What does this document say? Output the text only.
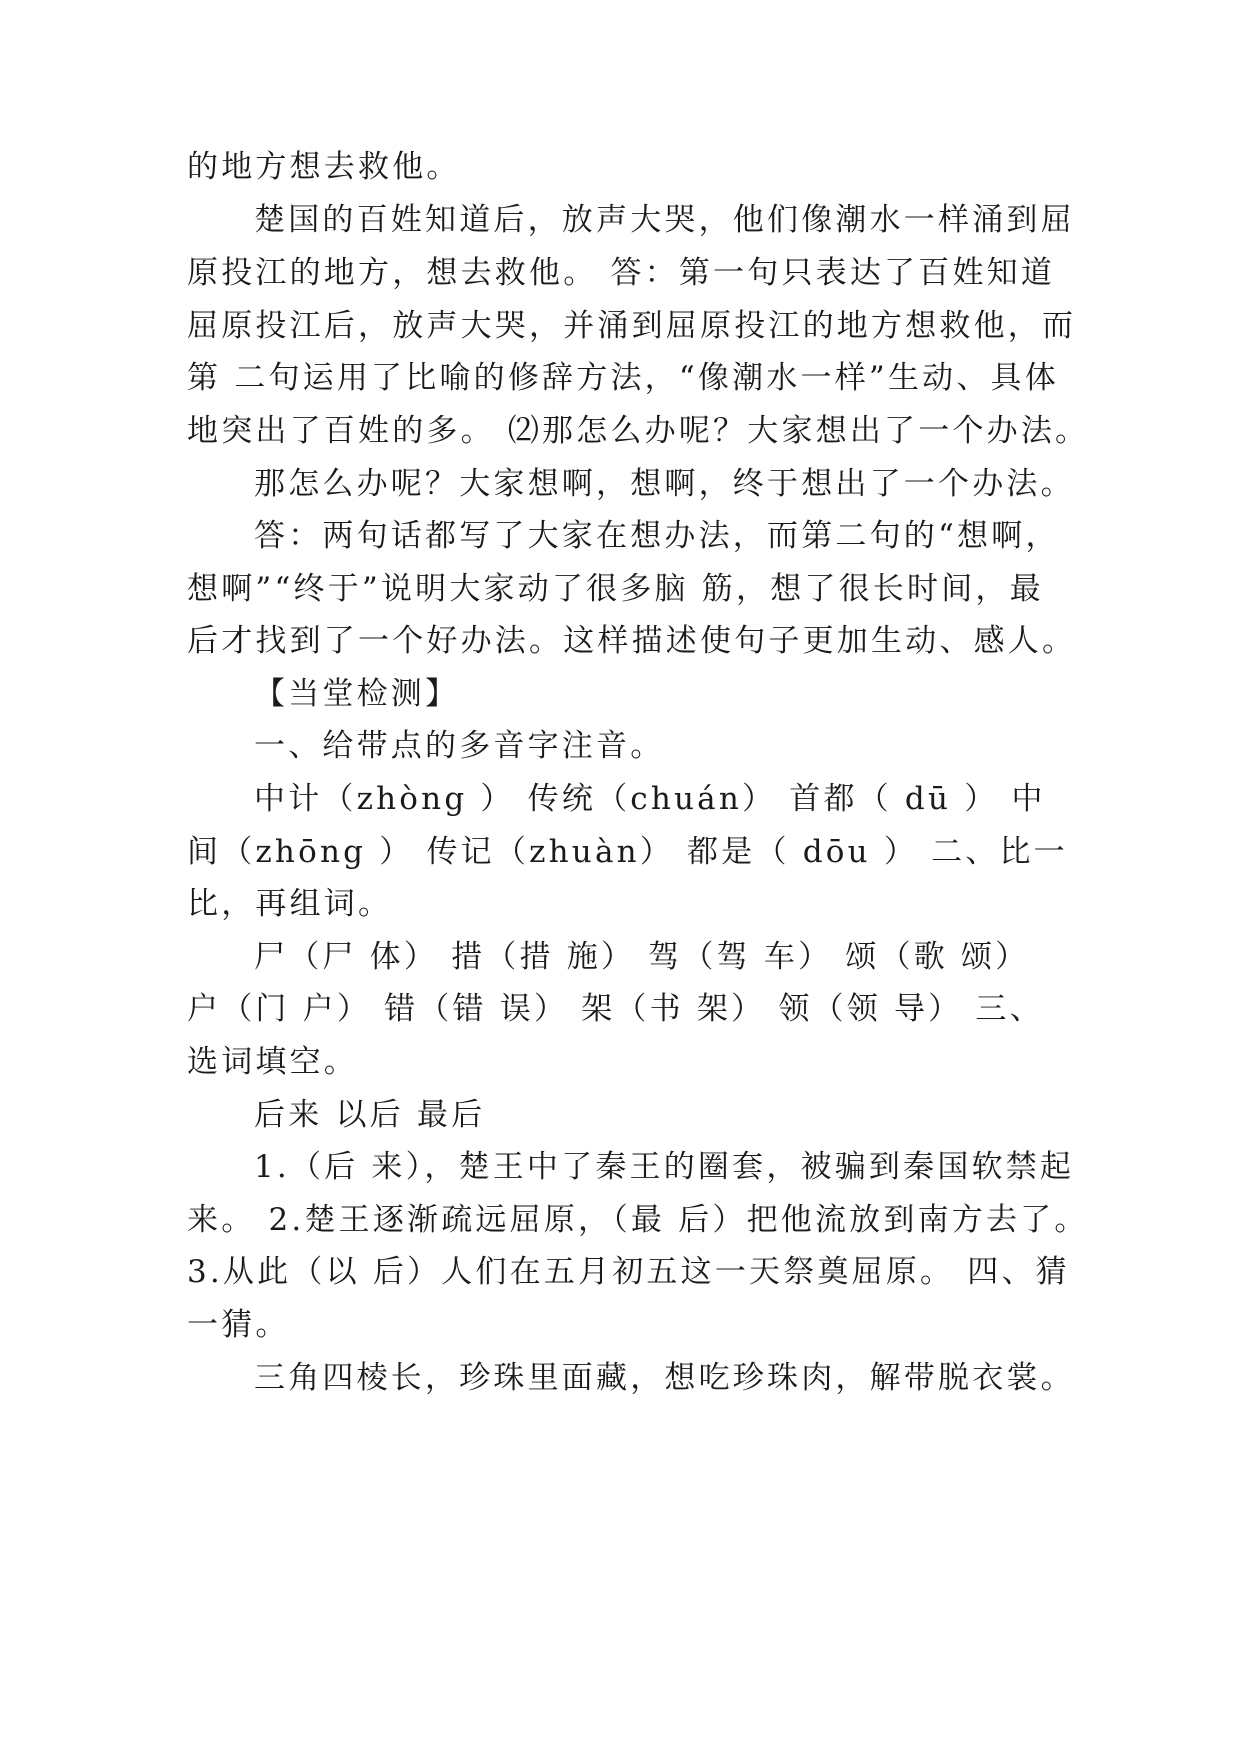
的地方想去救他。
楚国的百姓知道后，放声大哭，他们像潮水一样涌到屈
原投江的地方，想去救他。 答：第一句只表达了百姓知道
屈原投江后，放声大哭，并涌到屈原投江的地方想救他，而
第 二句运用了比喻的修辞方法，“像潮水一样”生动、具体
地突出了百姓的多。 ⑵那怎么办呢？大家想出了一个办法。
那怎么办呢？大家想啊，想啊，终于想出了一个办法。
答：两句话都写了大家在想办法，而第二句的“想啊，
想啊”“终于”说明大家动了很多脑 筋，想了很长时间，最
后才找到了一个好办法。这样描述使句子更加生动、感人。
【当堂检测】
一、给带点的多音字注音。
中计（zhòng ） 传统（chuán） 首都（ dū ） 中
间（zhōng ） 传记（zhuàn） 都是（ dōu ） 二、比一
比，再组词。
尸（尸 体） 措（措 施） 驾（驾 车） 颂（歌 颂）
户（门 户） 错（错 误） 架（书 架） 领（领 导） 三、
选词填空。
后来 以后 最后
1.（后 来），楚王中了秦王的圈套，被骗到秦国软禁起
来。 2.楚王逐渐疏远屈原，（最 后）把他流放到南方去了。
3.从此（以 后）人们在五月初五这一天祭奠屈原。 四、猜
一猜。
三角四棱长，珍珠里面藏，想吃珍珠肉，解带脱衣裳。
